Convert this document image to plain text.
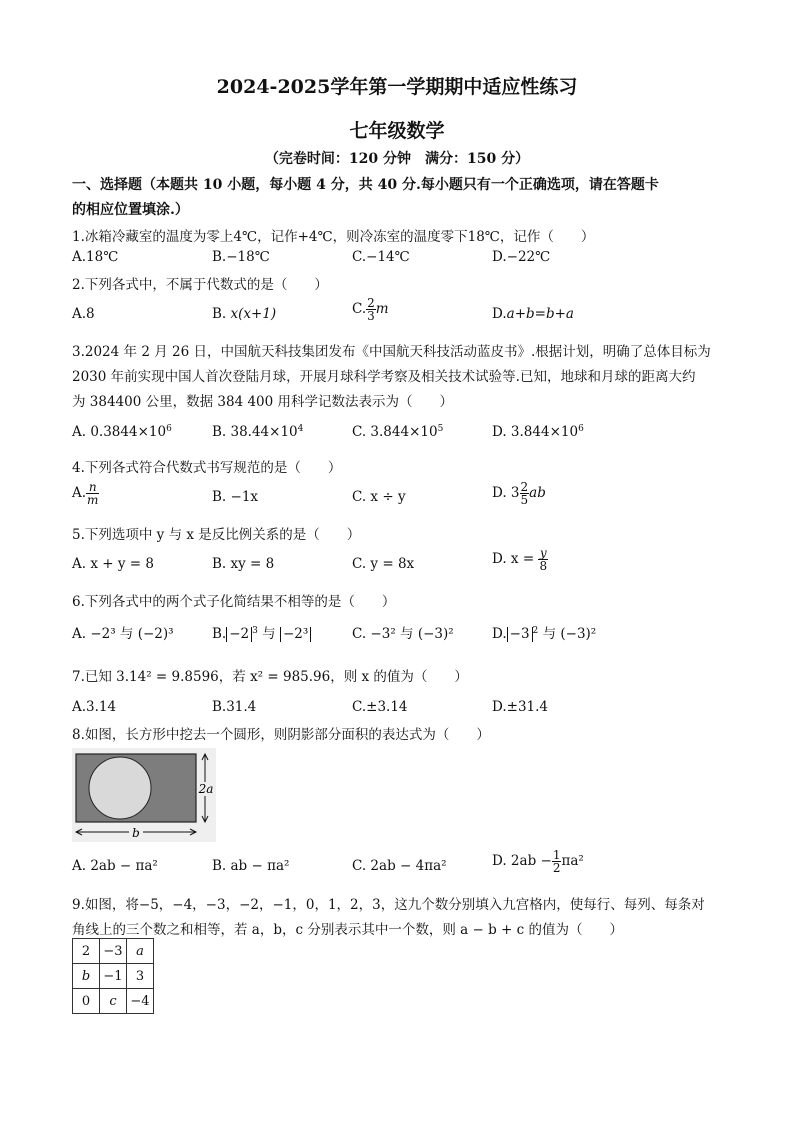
2024-2025学年第一学期期中适应性练习
七年级数学
（完卷时间：120 分钟　满分：150 分）
一、选择题（本题共 10 小题，每小题 4 分，共 40 分.每小题只有一个正确选项，请在答题卡
的相应位置填涂.）
1.冰箱冷藏室的温度为零上4℃，记作+4℃，则冷冻室的温度零下18℃，记作（　　）
A.18℃	B.−18℃	C.−14℃	D.−22℃
2.下列各式中，不属于代数式的是（　　）
A.8	B. x(x+1)	C. $\frac{2}{3}$ m	D.a+b=b+a
3.2024 年 2 月 26 日，中国航天科技集团发布《中国航天科技活动蓝皮书》.根据计划，明确了总体目标为
2030 年前实现中国人首次登陆月球，开展月球科学考察及相关技术试验等.已知，地球和月球的距离大约
为 384400 公里，数据 384 400 用科学记数法表示为（　　）
A. $0.3844\times 10^6$	B. $38.44\times 10^4$	C. $3.844\times 10^5$	D. $3.844\times 10^6$
4.下列各式符合代数式书写规范的是（　　）
A. $\frac{n}{m}$	B. −1x	C. x ÷ y	D. $3 \frac{2}{5}$ ab
5.下列选项中 y 与 x 是反比例关系的是（　　）
A. x + y = 8	B. xy = 8	C. y = 8x	D. $x = \frac{y}{8}$
6.下列各式中的两个式子化简结果不相等的是（　　）
A. −2³ 与 (−2)³	B. −2 $^3$ 与 −2³	C. −3² 与 (−3)²	D. −3 $^2$ 与 (−3)²
7.已知 3.14² = 9.8596，若 x² = 985.96，则 x 的值为（　　）
A.3.14	B.31.4	C.±3.14	D.±31.4
8.如图，长方形中挖去一个圆形，则阴影部分面积的表达式为（　　）
2a
b
A. 2ab − πa²	B. ab − πa²	C. 2ab − 4πa²	D. $2ab - \frac{1}{2} \pi a^2$
9.如图，将−5，−4，−3，−2，−1，0，1，2，3，这九个数分别填入九宫格内，使每行、每列、每条对
角线上的三个数之和相等，若 a，b，c 分别表示其中一个数，则 a − b + c 的值为（　　）
2	−3	a
b	−1	3
0	c	−4
